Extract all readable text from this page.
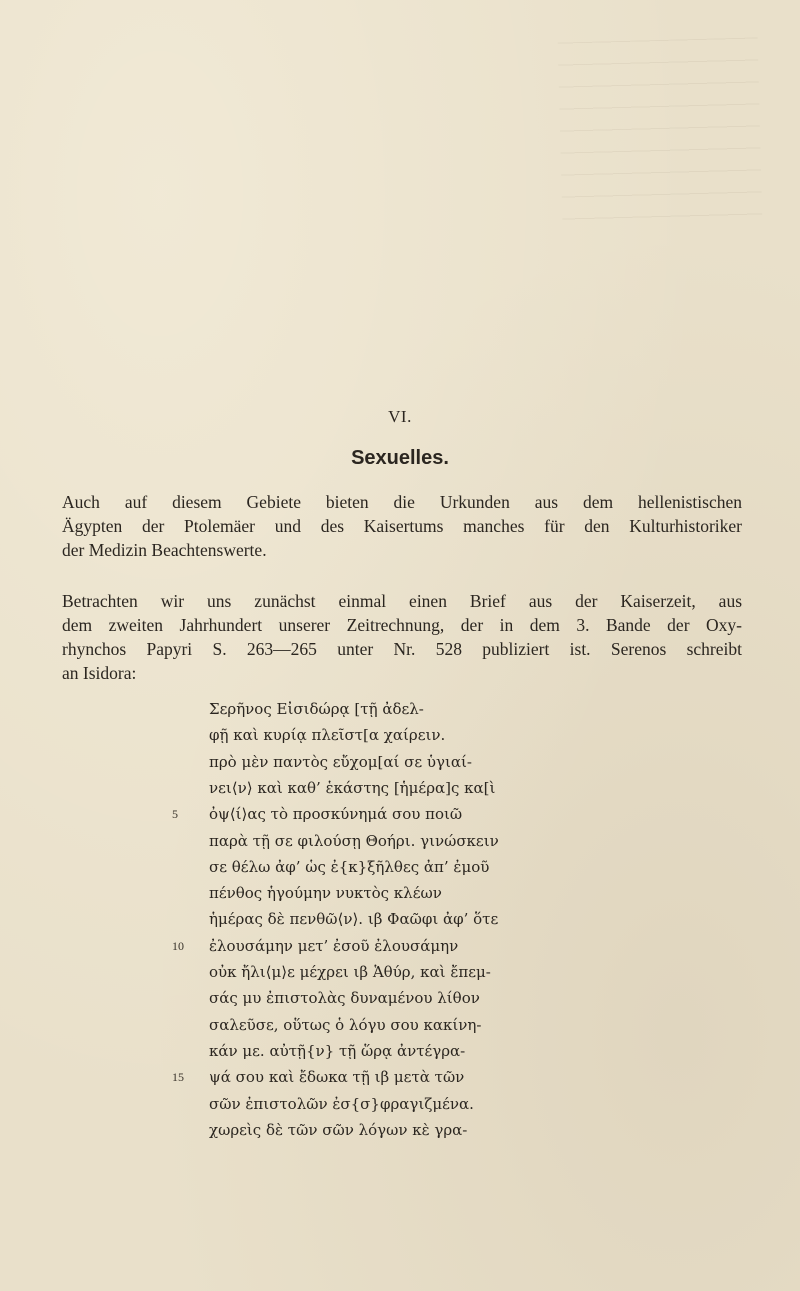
VI.
Sexuelles.
Auch auf diesem Gebiete bieten die Urkunden aus dem hellenistischen
Ägypten der Ptolemäer und des Kaisertums manches für den Kulturhistoriker
der Medizin Beachtenswerte.
Betrachten wir uns zunächst einmal einen Brief aus der Kaiserzeit, aus
dem zweiten Jahrhundert unserer Zeitrechnung, der in dem 3. Bande der Oxy-
rhynchos Papyri S. 263—265 unter Nr. 528 publiziert ist. Serenos schreibt
an Isidora:
Σερῆνος Εἰσιδώρᾳ [τῇ ἀδελ-
φῇ καὶ κυρίᾳ πλεῖστ[α χαίρειν.
πρὸ μὲν παντὸς εὔχομ[αί σε ὑγιαί-
νει⟨ν⟩ καὶ καθ’ ἑκάστης [ἡμέρα]ς κα[ὶ
5	ὀψ⟨ί⟩ας τὸ προσκύνημά σου ποιῶ
παρὰ τῇ σε φιλούσῃ Θοήρι. γινώσκειν
σε θέλω ἀφ’ ὡς ἐ{κ}ξῆλθες ἀπ’ ἐμοῦ
πένθος ἡγούμην νυκτὸς κλέων
ἡμέρας δὲ πενθῶ⟨ν⟩. ιβ Φαῶφι ἀφ’ ὅτε
10	ἐλουσάμην μετ’ ἐσοῦ ἐλουσάμην
οὐκ ἤλι⟨μ⟩ε μέχρει ιβ Ἁθύρ, καὶ ἔπεμ-
σάς μυ ἐπιστολὰς δυναμένου λίθον
σαλεῦσε, οὕτως ὁ λόγυ σου κακίνη-
κάν με. αὐτῇ{ν} τῇ ὥρᾳ ἀντέγρα-
15	ψά σου καὶ ἔδωκα τῇ ιβ μετὰ τῶν
σῶν ἐπιστολῶν ἐσ{σ}φραγιζμένα.
χωρεὶς δὲ τῶν σῶν λόγων κὲ γρα-
